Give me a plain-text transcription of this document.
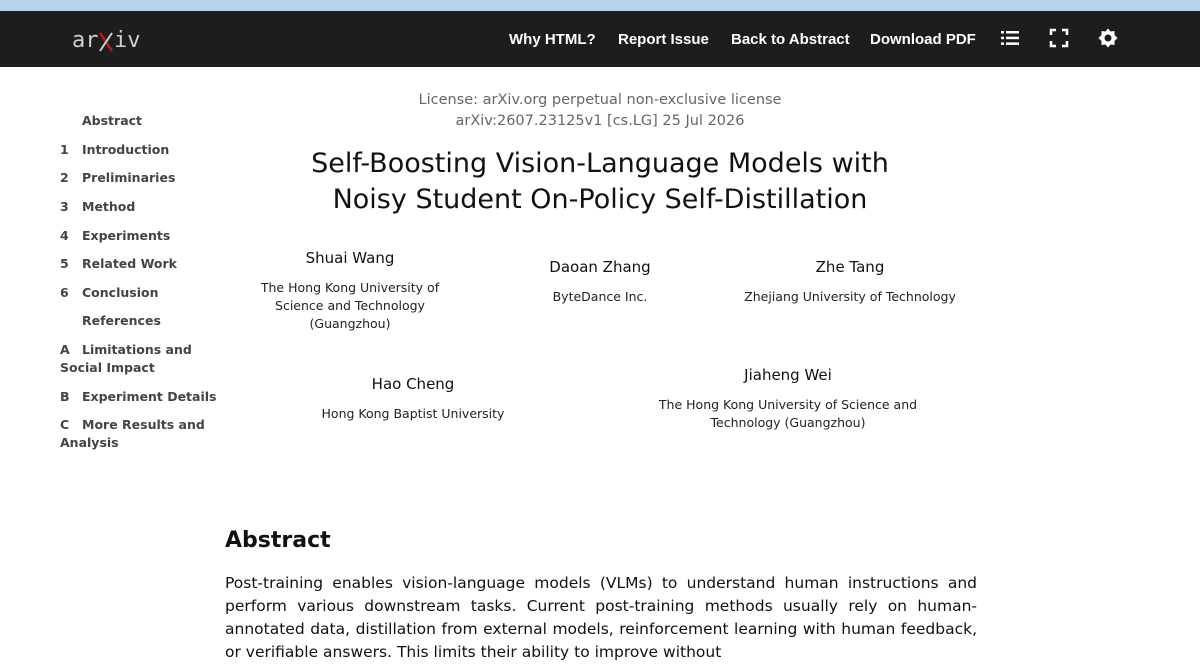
ar iv	Why HTML? Report Issue Back to Abstract Download PDF
Abstract
1 Introduction
2 Preliminaries
3 Method
4 Experiments
5 Related Work
6 Conclusion
References
A Limitations and Social Impact
B Experiment Details
C More Results and Analysis
License: arXiv.org perpetual non-exclusive license
arXiv:2607.23125v1 [cs.LG] 25 Jul 2026
Self-Boosting Vision-Language Models with
Noisy Student On-Policy Self-Distillation
Shuai Wang
The Hong Kong University of Science and Technology (Guangzhou)
Daoan Zhang
ByteDance Inc.
Zhe Tang
Zhejiang University of Technology
Hao Cheng
Hong Kong Baptist University
Jiaheng Wei
The Hong Kong University of Science and Technology (Guangzhou)
Abstract

Post-training enables vision-language models (VLMs) to understand human instructions and perform various downstream tasks. Current post-training methods usually rely on human-annotated data, distillation from external models, reinforcement learning with human feedback, or verifiable answers. This limits their ability to improve without
